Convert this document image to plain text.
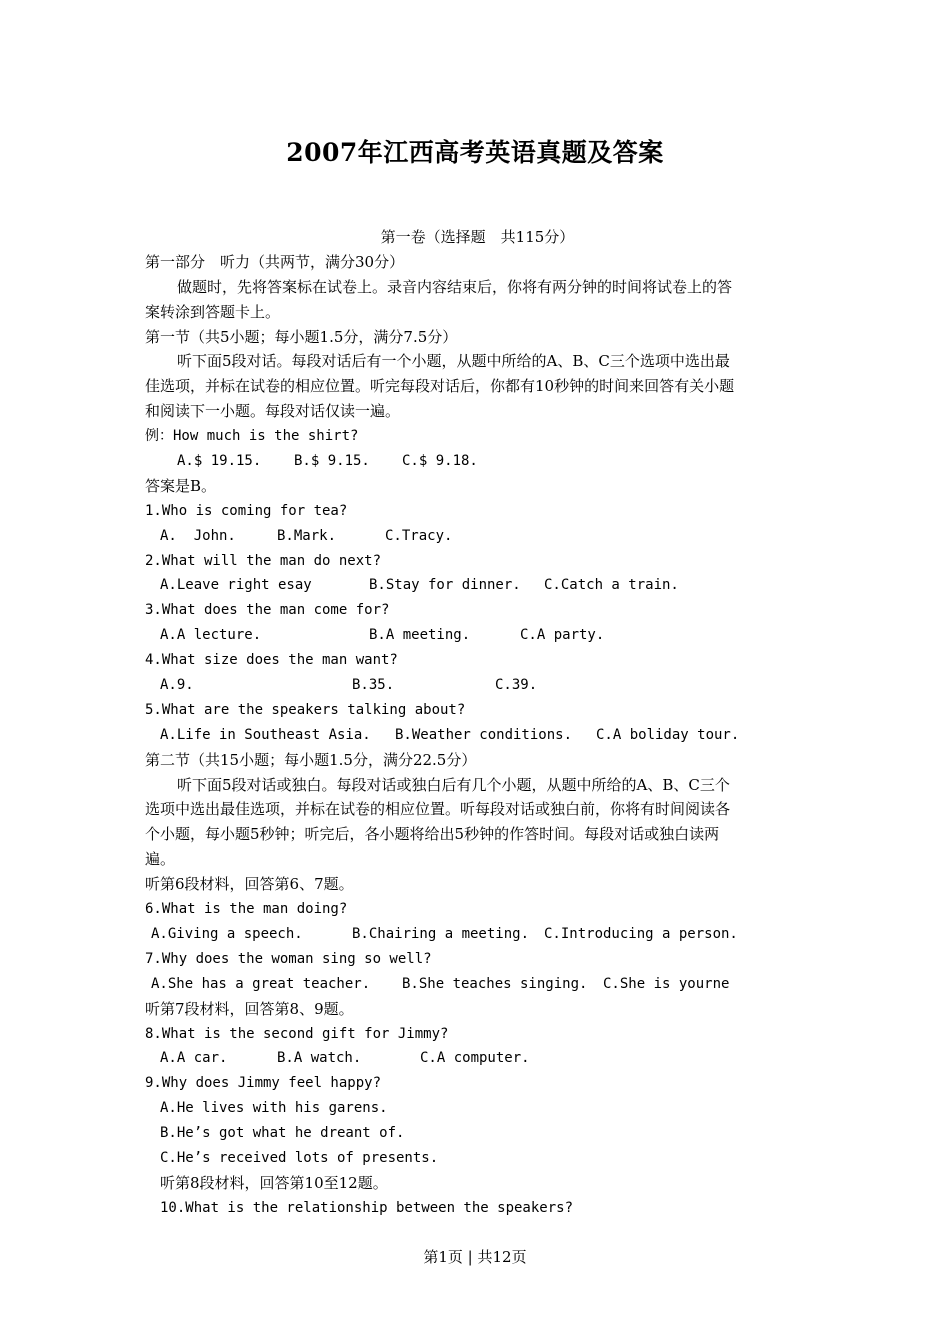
2007年江西高考英语真题及答案
第一卷（选择题　共115分）
第一部分　听力（共两节，满分30分）
做题时，先将答案标在试卷上。录音内容结束后，你将有两分钟的时间将试卷上的答
案转涂到答题卡上。
第一节（共5小题；每小题1.5分，满分7.5分）
听下面5段对话。每段对话后有一个小题，从题中所给的A、B、C三个选项中选出最
佳选项，并标在试卷的相应位置。听完每段对话后，你都有10秒钟的时间来回答有关小题
和阅读下一小题。每段对话仅读一遍。
例：How much is the shirt?
A.$ 19.15. B.$ 9.15. C.$ 9.18.
答案是B。
1.Who is coming for tea?
A.  John.	B.Mark.	C.Tracy.
2.What will the man do next?
A.Leave right esay	B.Stay for dinner. C.Catch a train.
3.What does the man come for?
A.A lecture.	B.A meeting.	C.A party.
4.What size does the man want?
A.9.	B.35.	C.39.
5.What are the speakers talking about?
A.Life in Southeast Asia. B.Weather conditions. C.A boliday tour.
第二节（共15小题；每小题1.5分，满分22.5分）
听下面5段对话或独白。每段对话或独白后有几个小题，从题中所给的A、B、C三个
选项中选出最佳选项，并标在试卷的相应位置。听每段对话或独白前，你将有时间阅读各
个小题，每小题5秒钟；听完后，各小题将给出5秒钟的作答时间。每段对话或独白读两
遍。
听第6段材料，回答第6、7题。
6.What is the man doing?
A.Giving a speech.	B.Chairing a meeting. C.Introducing a person.
7.Why does the woman sing so well?
A.She has a great teacher. B.She teaches singing. C.She is yourne
听第7段材料，回答第8、9题。
8.What is the second gift for Jimmy?
A.A car.	B.A watch.	C.A computer.
9.Why does Jimmy feel happy?
A.He lives with his garens.
B.He’s got what he dreant of.
C.He’s received lots of presents.
听第8段材料，回答第10至12题。
10.What is the relationship between the speakers?
第1页 | 共12页
